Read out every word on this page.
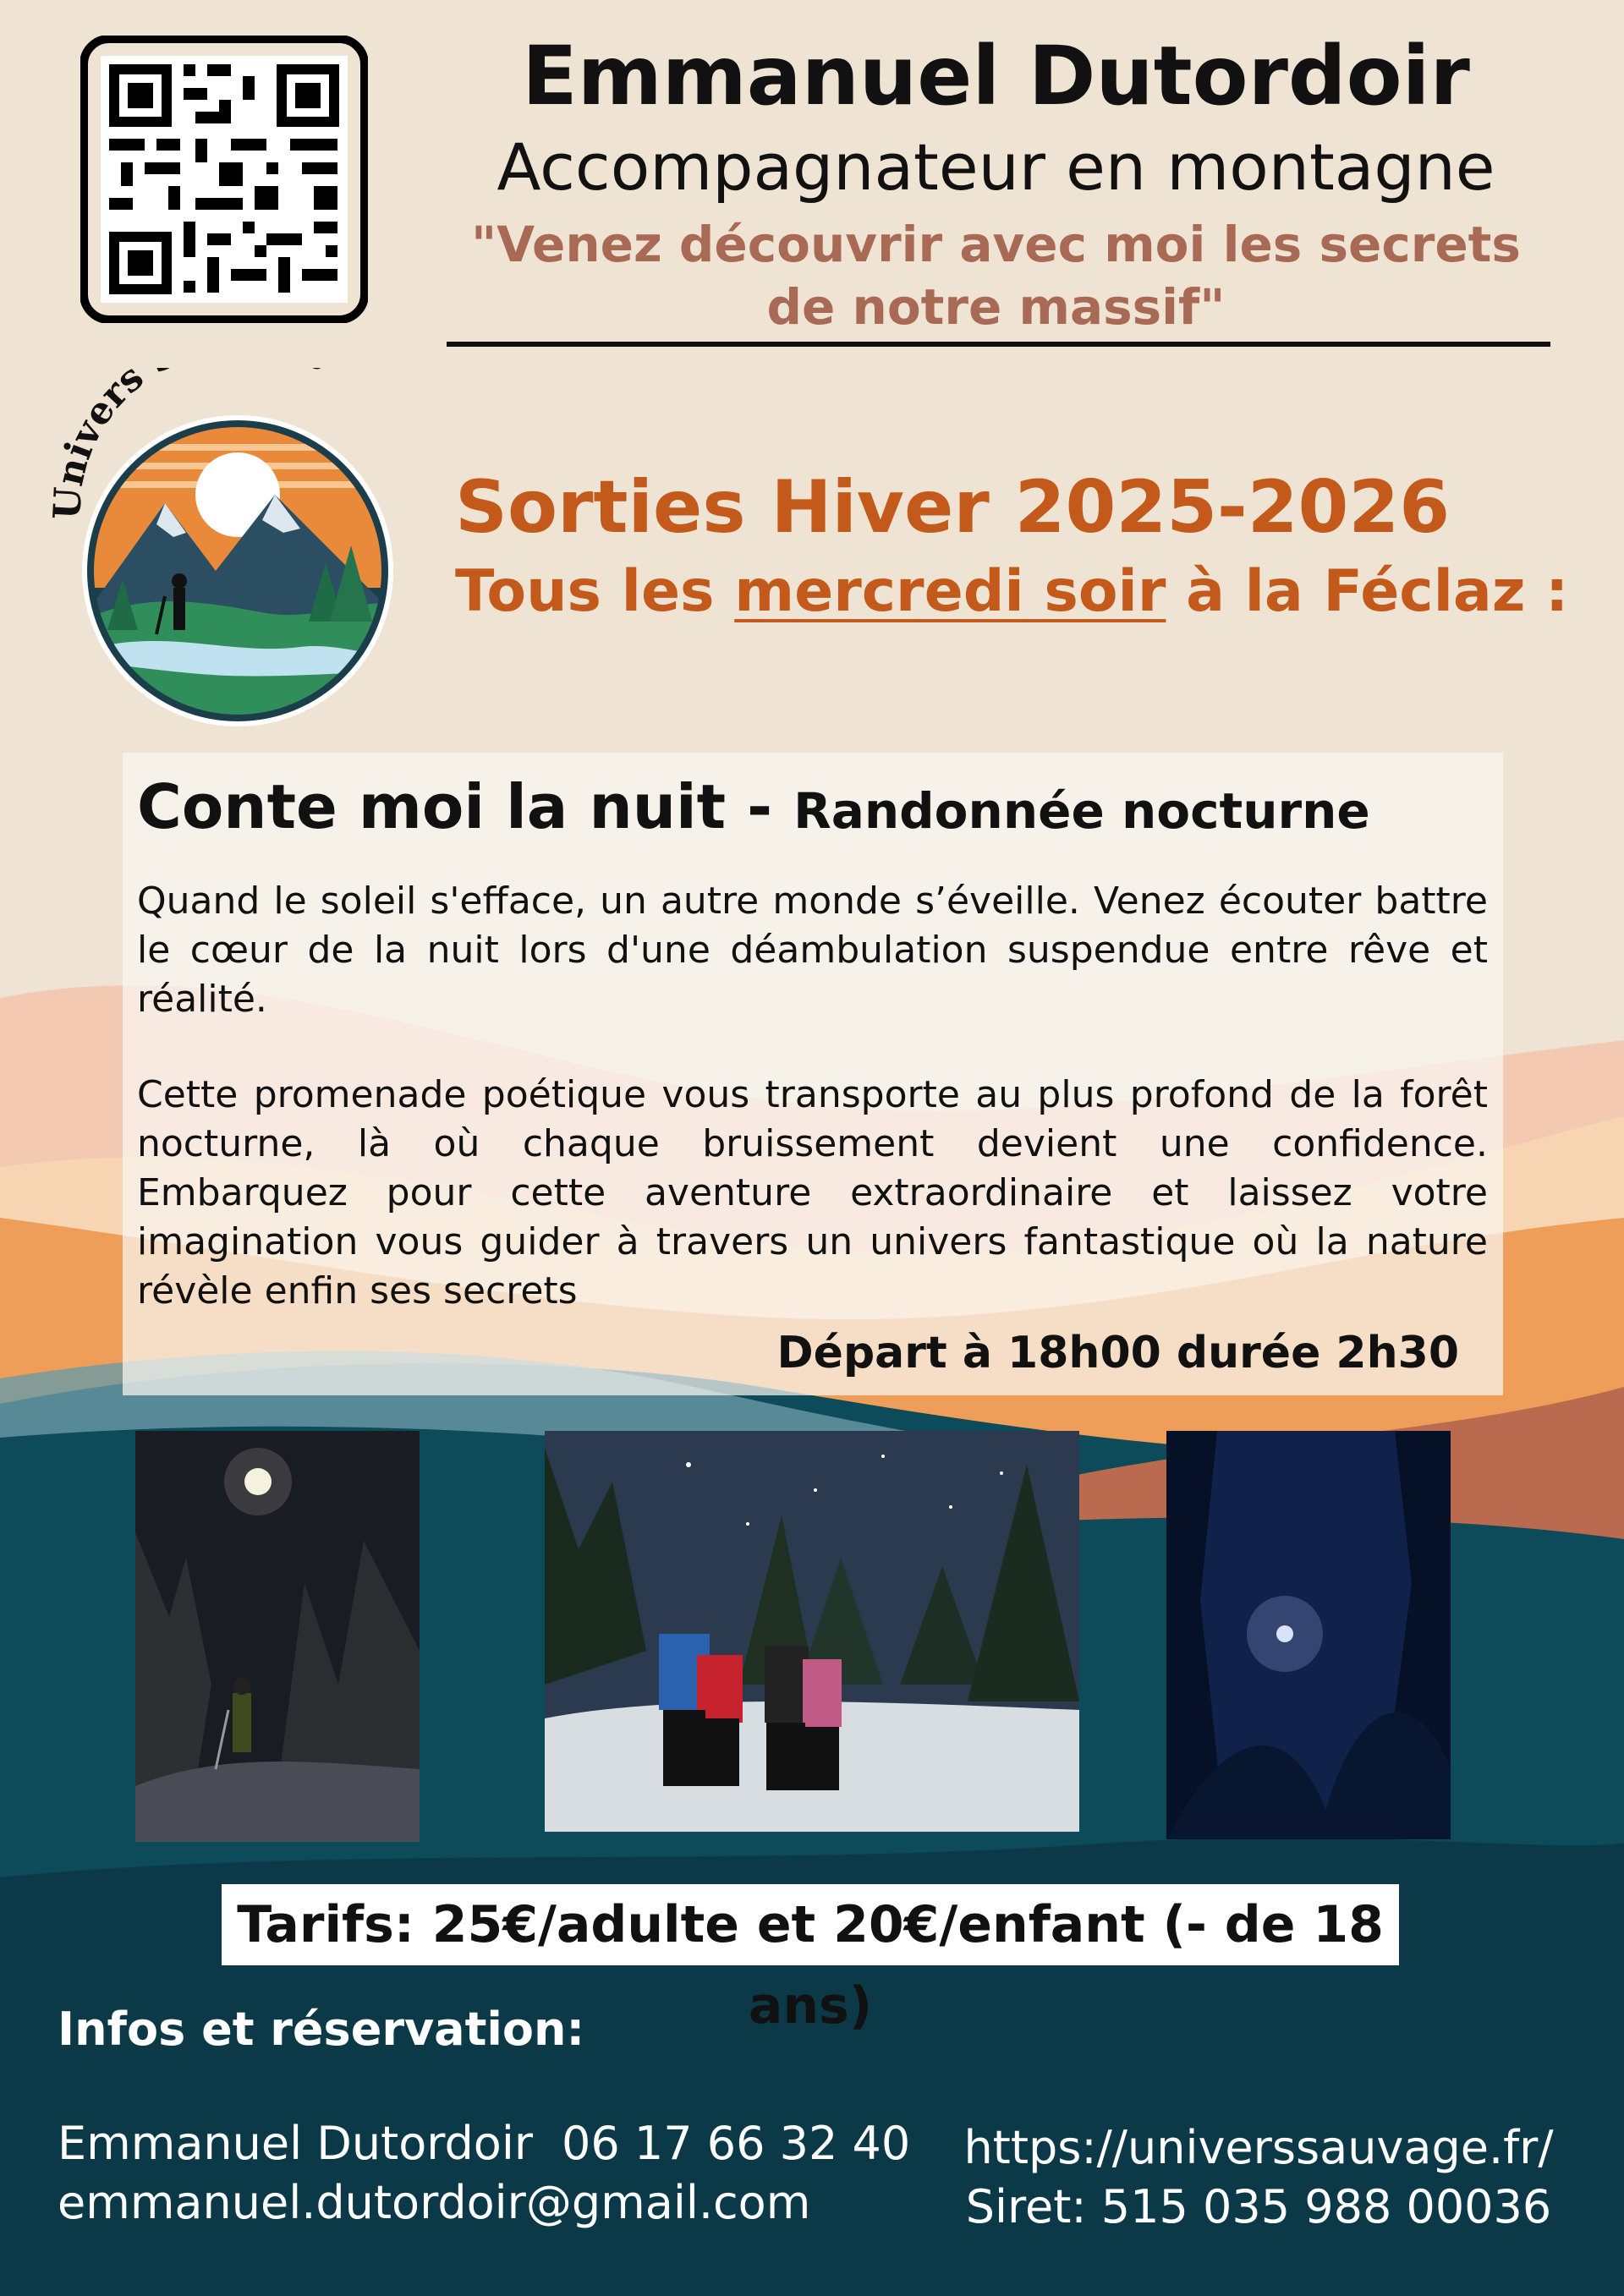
Emmanuel Dutordoir
Accompagnateur en montagne
"Venez découvrir avec moi les secrets
de notre massif"
Univers
Sorties Hiver 2025-2026
Tous les mercredi soir à la Féclaz :
Conte moi la nuit - Randonnée nocturne

Quand le soleil s'efface, un autre monde s’éveille. Venez écouter battre le cœur de la nuit lors d'une déambulation suspendue entre rêve et réalité.

Cette promenade poétique vous transporte au plus profond de la forêt nocturne, là où chaque bruissement devient une confidence. Embarquez pour cette aventure extraordinaire et laissez votre imagination vous guider à travers un univers fantastique où la nature révèle enfin ses secrets

Départ à 18h00 durée 2h30
Tarifs: 25€/adulte et 20€/enfant (- de 18 ans)
Infos et réservation:
Emmanuel Dutordoir 06 17 66 32 40
emmanuel.dutordoir@gmail.com
https://universsauvage.fr/
Siret: 515 035 988 00036
